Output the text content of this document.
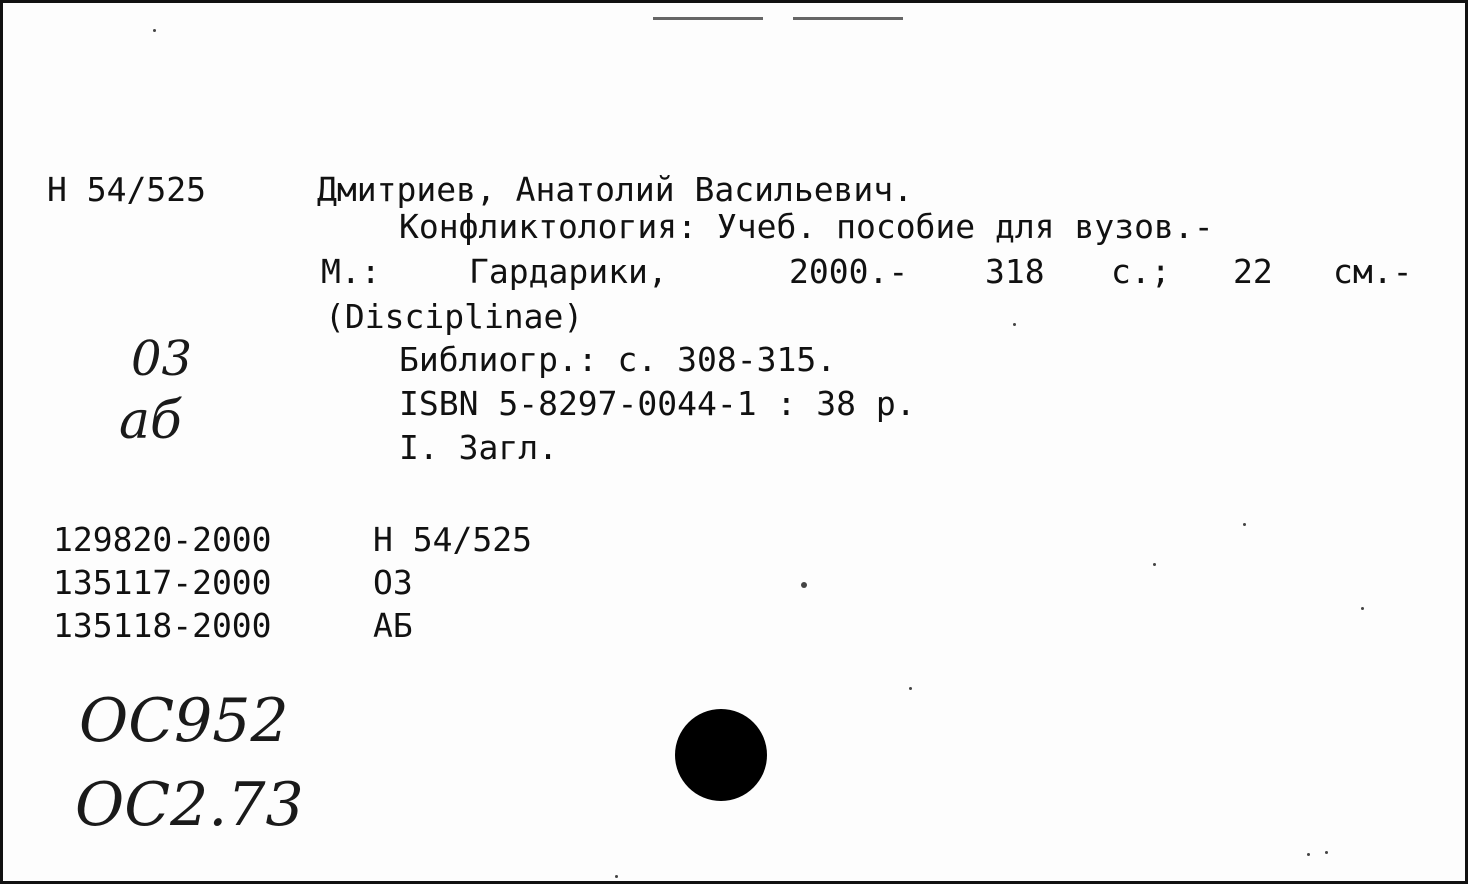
Н 54/525	Дмитриев, Анатолий Васильевич.
Конфликтология: Учеб. пособие для вузов.-
М.:	Гардарики,	2000.- 318 с.; 22 см.-
(Disciplinae)
Библиогр.: с. 308-315.
ISBN 5-8297-0044-1 : 38 р.
I. Загл.
03
аб
129820-2000	Н 54/525
135117-2000	ОЗ
135118-2000	АБ
ОС952
ОС2.73
